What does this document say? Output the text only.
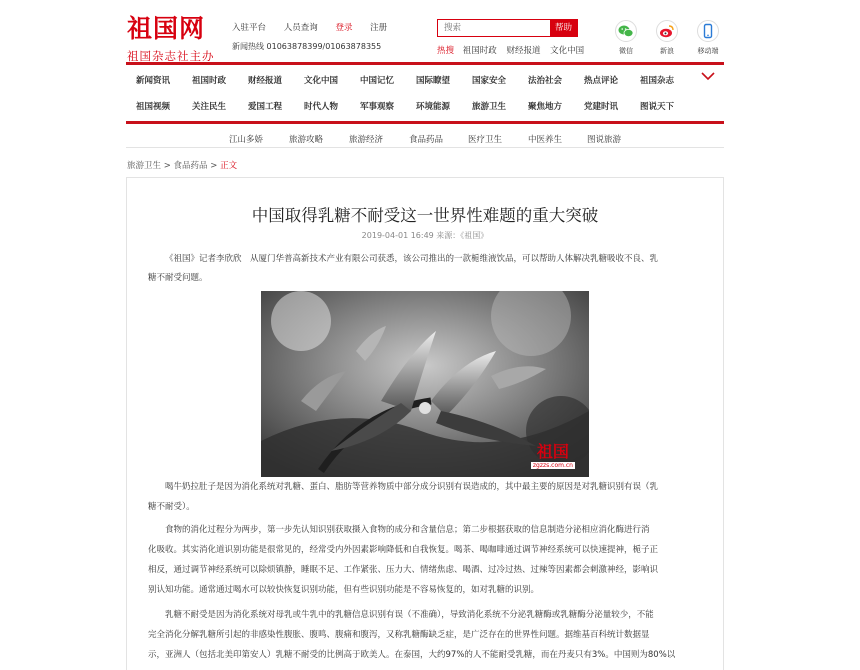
祖国网
祖国杂志社主办
入驻平台 人员查询 登录 注册
新闻热线 01063878399/01063878355
搜索
帮助
热搜 祖国时政 财经报道 文化中国	微信	新浪	移动端
新闻资讯	祖国时政	财经报道	文化中国	中国记忆	国际瞭望	国家安全	法治社会	热点评论	祖国杂志
祖国视频	关注民生	爱国工程	时代人物	军事观察	环境能源	旅游卫生	聚焦地方	党建时讯	图说天下
江山多娇	旅游攻略	旅游经济	食品药品	医疗卫生	中医养生	图说旅游
旅游卫生 > 食品药品 > 正文
中国取得乳糖不耐受这一世界性难题的重大突破
2019-04-01 16:49 来源：《祖国》
《祖国》记者李欣欣　从厦门华普高新技术产业有限公司获悉，该公司推出的一款栀维液饮品，可以帮助人体解决乳糖吸收不良、乳
糖不耐受问题。
祖国
zgzzs.com.cn
喝牛奶拉肚子是因为消化系统对乳糖、蛋白、脂肪等营养物质中部分成分识别有误造成的，其中最主要的原因是对乳糖识别有误（乳
糖不耐受）。
食物的消化过程分为两步，第一步先认知识别获取摄入食物的成分和含量信息；第二步根据获取的信息制造分泌相应消化酶进行消
化吸收。其实消化道识别功能是很常见的，经常受内外因素影响降低和自我恢复。喝茶、喝咖啡通过调节神经系统可以快速提神，栀子正
相反，通过调节神经系统可以除烦镇静，睡眠不足、工作紧张、压力大、情绪焦虑、喝酒、过冷过热、过辣等因素都会刺激神经，影响识
别认知功能。通常通过喝水可以较快恢复识别功能，但有些识别功能是不容易恢复的，如对乳糖的识别。
乳糖不耐受是因为消化系统对母乳或牛乳中的乳糖信息识别有误（不准确），导致消化系统不分泌乳糖酶或乳糖酶分泌量较少，不能
完全消化分解乳糖所引起的非感染性腹胀、腹鸣、腹痛和腹泻，又称乳糖酶缺乏症，是广泛存在的世界性问题。据维基百科统计数据显
示，亚洲人（包括北美印第安人）乳糖不耐受的比例高于欧美人。在泰国，大约97%的人不能耐受乳糖，而在丹麦只有3%。中国则为80%以
